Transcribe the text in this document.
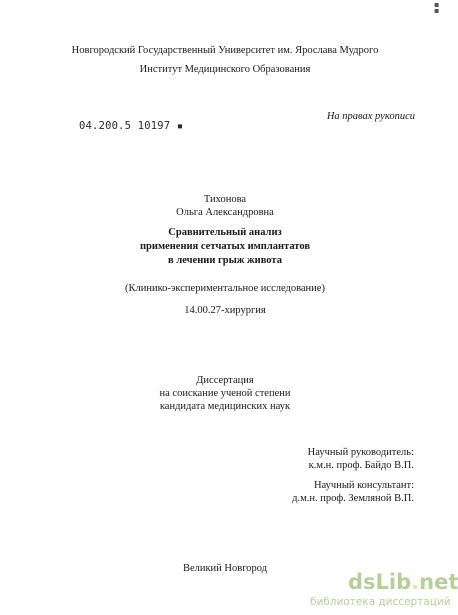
▪ ▪
Новгородский Государственный Университет им. Ярослава Мудрого
Институт Медицинского Образования
04.200.5 10197 ▪
На правах рукописи
Тихонова
Ольга Александровна
Сравнительный анализ
применения сетчатых имплантатов
в лечении грыж живота
(Клинико-экспериментальное исследование)
14.00.27-хирургия
Диссертация
на соискание ученой степени
кандидата медицинских наук
Научный руководитель:
к.м.н. проф. Байдо В.П.
Научный консультант:
д.м.н. проф. Земляной В.П.
Великий Новгород
dsLib.net
библиотека диссертаций
